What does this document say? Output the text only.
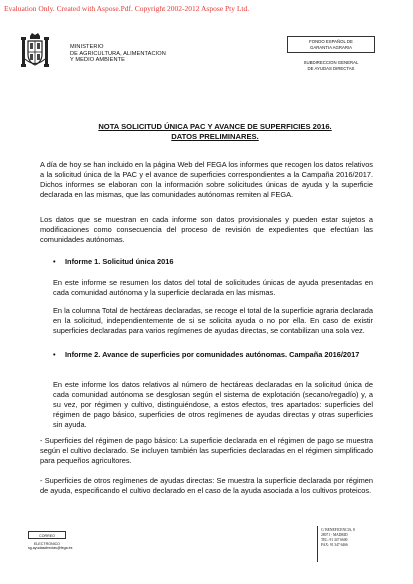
Evaluation Only. Created with Aspose.Pdf. Copyright 2002-2012 Aspose Pty Ltd.
MINISTERIO
DE AGRICULTURA, ALIMENTACION
Y MEDIO AMBIENTE
FONDO ESPAÑOL DE
GARANTIA AGRARIA
SUBDIRECCION GENERAL
DE AYUDAS DIRECTAS
NOTA SOLICITUD ÚNICA PAC Y AVANCE DE SUPERFICIES 2016.
DATOS PRELIMINARES.

A día de hoy se han incluido en la página Web del FEGA los informes que recogen los datos relativos a la solicitud única de la PAC y el avance de superficies correspondientes a la Campaña 2016/2017. Dichos informes se elaboran con la información sobre solicitudes únicas de ayuda y la superficie declarada en las mismas, que las comunidades autónomas remiten al FEGA.

Los datos que se muestran en cada informe son datos provisionales y pueden estar sujetos a modificaciones como consecuencia del proceso de revisión de expedientes que efectúan las comunidades autónomas.

•	Informe 1. Solicitud única 2016

En este informe se resumen los datos del total de solicitudes únicas de ayuda presentadas en cada comunidad autónoma y la superficie declarada en las mismas.

En la columna Total de hectáreas declaradas, se recoge el total de la superficie agraria declarada en la solicitud, independientemente de si se solicita ayuda o no por ella. En caso de existir superficies declaradas para varios regímenes de ayudas directas, se contabilizan una sola vez.

•	Informe 2. Avance de superficies por comunidades autónomas. Campaña 2016/2017

En este informe los datos relativos al número de hectáreas declaradas en la solicitud única de cada comunidad autónoma se desglosan según el sistema de explotación (secano/regadío) y, a su vez, por régimen y cultivo, distinguiéndose, a estos efectos, tres apartados: superficies del régimen de pago básico, superficies de otros regímenes de ayudas directas y otras superficies sin ayuda.

- Superficies del régimen de pago básico: La superficie declarada en el régimen de pago se muestra según el cultivo declarado. Se incluyen también las superficies declaradas en el régimen simplificado para pequeños agricultores.

- Superficies de otros regímenes de ayudas directas: Se muestra la superficie declarada por régimen de ayuda, especificando el cultivo declarado en el caso de la ayuda asociada a los cultivos proteicos.

CORREO ELECTRONICO
sg.ayudasdirectas@fega.es
C/ BENEFICENCIA, 8
28071 - MADRID
TEL: 91 347 6600
FAX: 91 347 6466
